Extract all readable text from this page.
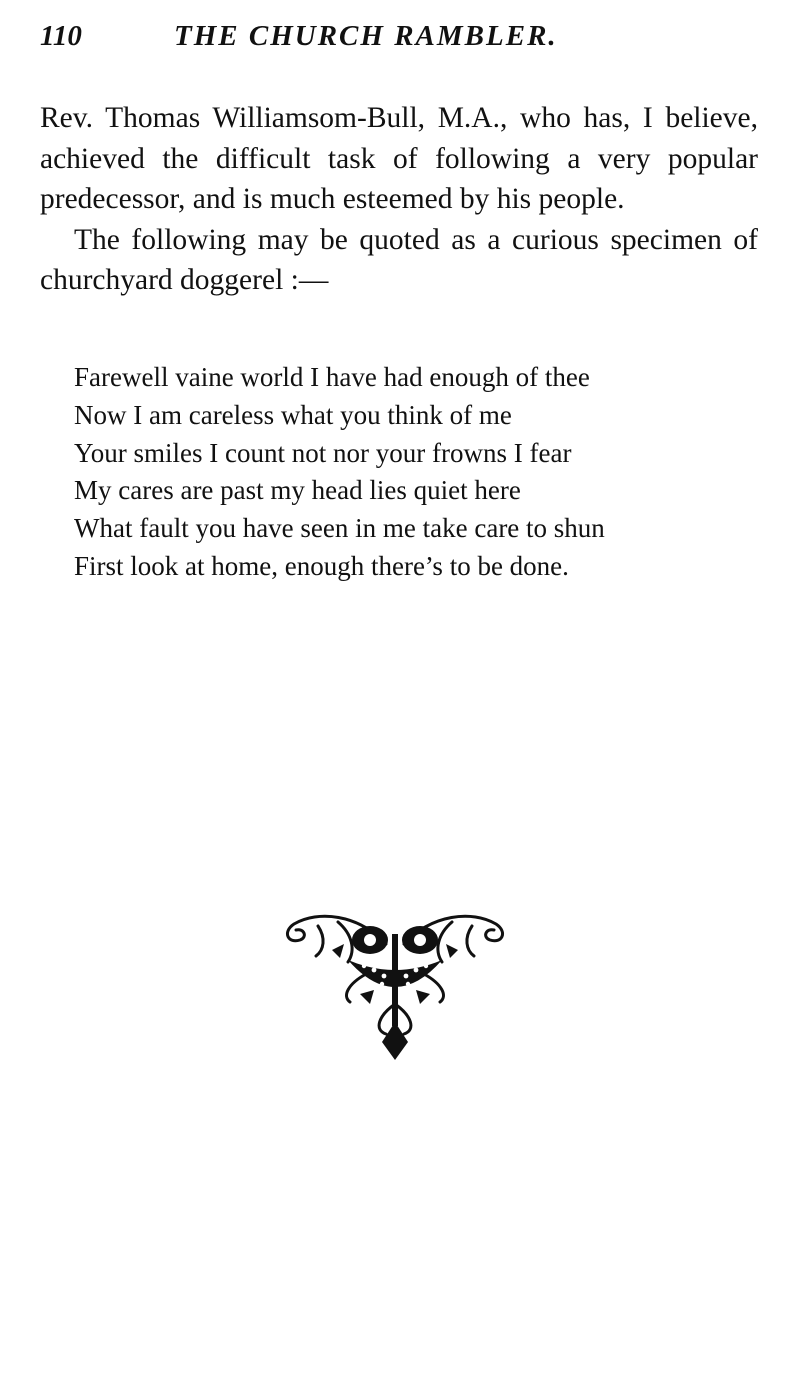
110	THE CHURCH RAMBLER.

Rev. Thomas Williamsom-Bull, M.A., who has, I believe, achieved the difficult task of following a very popular predecessor, and is much esteemed by his people.

The following may be quoted as a curious specimen of churchyard doggerel :—

Farewell vaine world I have had enough of thee
Now I am careless what you think of me
Your smiles I count not nor your frowns I fear
My cares are past my head lies quiet here
What fault you have seen in me take care to shun
First look at home, enough there’s to be done.
